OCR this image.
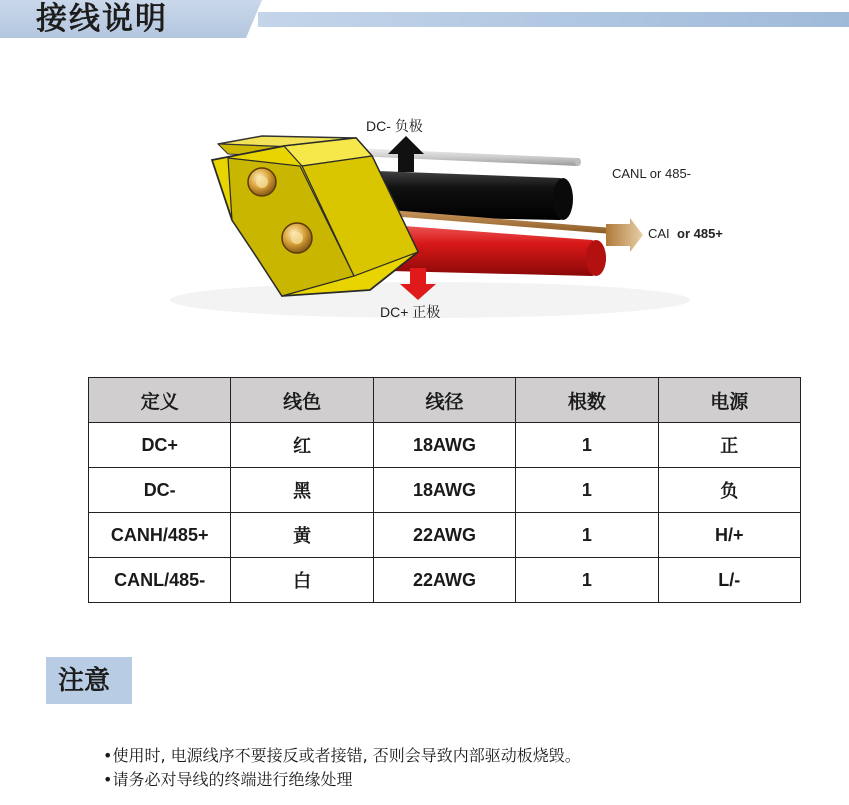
接线说明
DC- 负极
CANL or 485-
CAI or 485+
DC+ 正极
定义	线色	线径	根数	电源
DC+	红	18AWG	1	正
DC-	黑	18AWG	1	负
CANH/485+	黄	22AWG	1	H/+
CANL/485-	白	22AWG	1	L/-
注意
•使用时, 电源线序不要接反或者接错, 否则会导致内部驱动板烧毁。
•请务必对导线的终端进行绝缘处理
